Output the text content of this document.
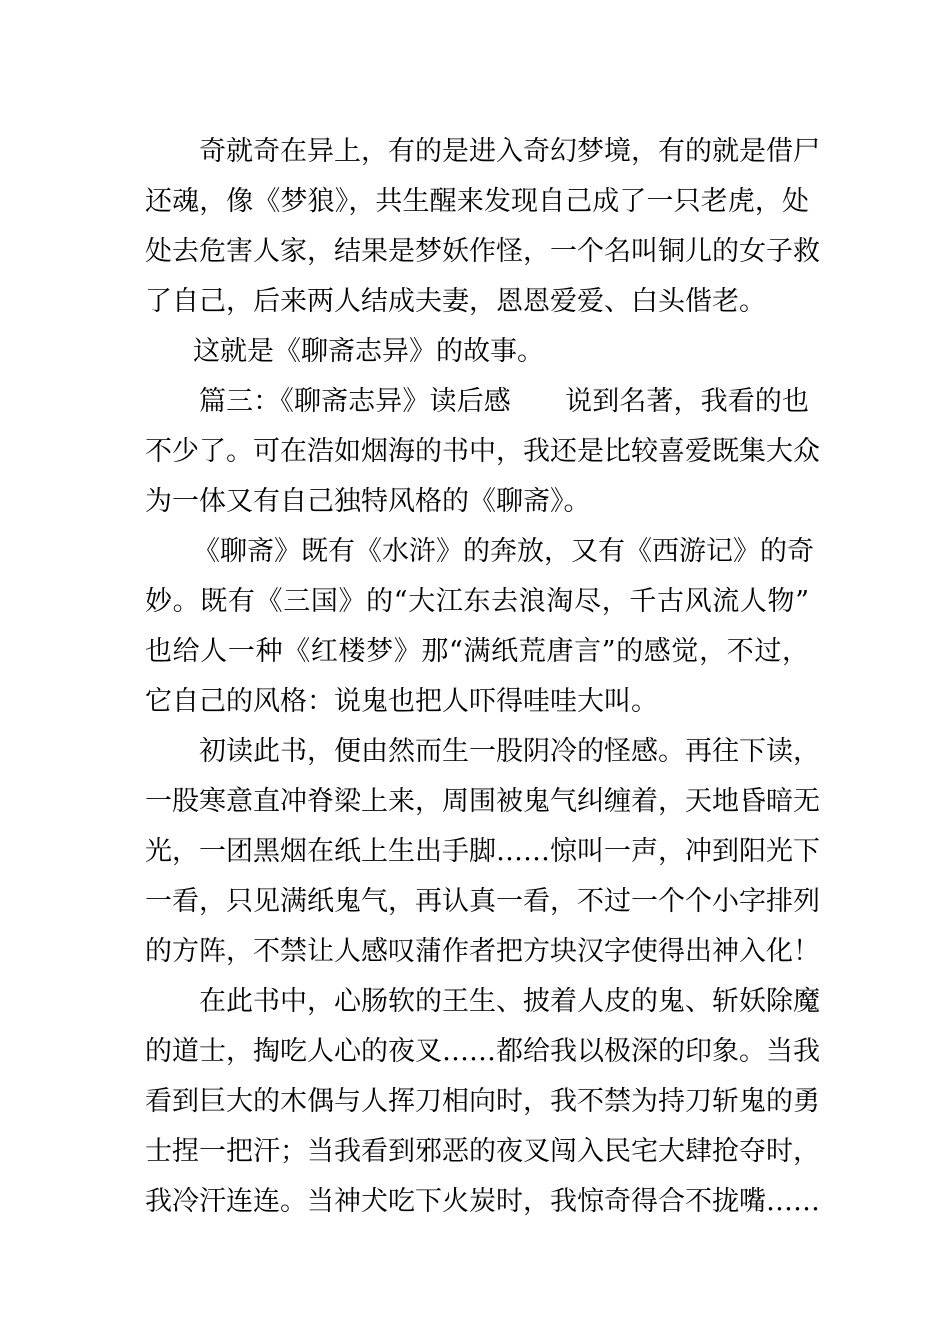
奇就奇在异上，有的是进入奇幻梦境，有的就是借尸
还魂，像《梦狼》，共生醒来发现自己成了一只老虎，处
处去危害人家，结果是梦妖作怪，一个名叫铜儿的女子救
了自己，后来两人结成夫妻，恩恩爱爱、白头偕老。
这就是《聊斋志异》的故事。
篇三：《聊斋志异》读后感　　说到名著，我看的也
不少了。可在浩如烟海的书中，我还是比较喜爱既集大众
为一体又有自己独特风格的《聊斋》。
《聊斋》既有《水浒》的奔放，又有《西游记》的奇
妙。既有《三国》的“大江东去浪淘尽，千古风流人物”
也给人一种《红楼梦》那“满纸荒唐言”的感觉，不过，
它自己的风格：说鬼也把人吓得哇哇大叫。
初读此书，便由然而生一股阴冷的怪感。再往下读，
一股寒意直冲脊梁上来，周围被鬼气纠缠着，天地昏暗无
光，一团黑烟在纸上生出手脚……惊叫一声，冲到阳光下
一看，只见满纸鬼气，再认真一看，不过一个个小字排列
的方阵，不禁让人感叹蒲作者把方块汉字使得出神入化！
在此书中，心肠软的王生、披着人皮的鬼、斩妖除魔
的道士，掏吃人心的夜叉……都给我以极深的印象。当我
看到巨大的木偶与人挥刀相向时，我不禁为持刀斩鬼的勇
士捏一把汗；当我看到邪恶的夜叉闯入民宅大肆抢夺时，
我冷汗连连。当神犬吃下火炭时，我惊奇得合不拢嘴……
